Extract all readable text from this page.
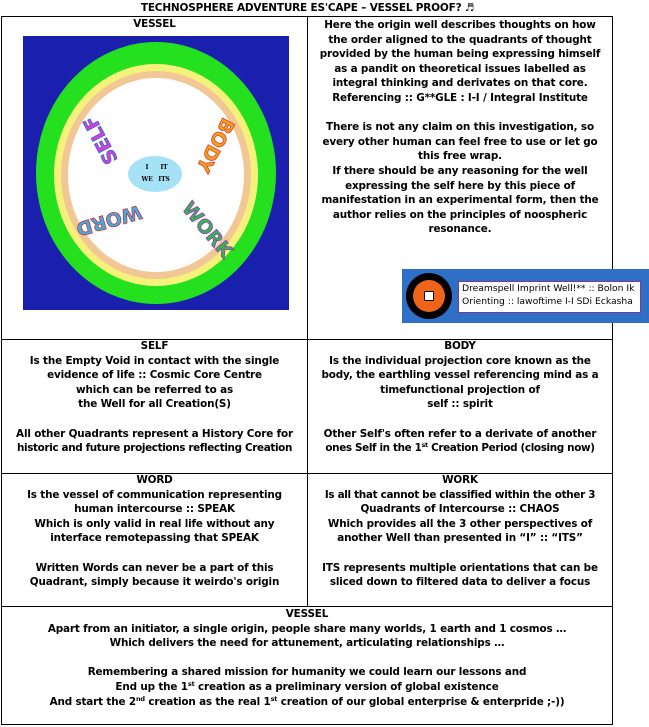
TECHNOSPHERE ADVENTURE ES'CAPE – VESSEL PROOF? ♬
VESSEL
I IT
WE ITS
SELF	BODY
WORD WORK
Here the origin well describes thoughts on how
the order aligned to the quadrants of thought
provided by the human being expressing himself
as a pandit on theoretical issues labelled as
integral thinking and derivates on that core.
Referencing :: G**GLE : I-I / Integral Institute
There is not any claim on this investigation, so
every other human can feel free to use or let go
this free wrap.
If there should be any reasoning for the well
expressing the self here by this piece of
manifestation in an experimental form, then the
author relies on the principles of noospheric
resonance.
Dreamspell Imprint Well!** :: Bolon Ik
Orienting :: lawoftime I-I SDi Eckasha
SELF
Is the Empty Void in contact with the single
evidence of life :: Cosmic Core Centre
which can be referred to as
the Well for all Creation(S)
All other Quadrants represent a History Core for
historic and future projections reflecting Creation
BODY
Is the individual projection core known as the
body, the earthling vessel referencing mind as a
timefunctional projection of
self :: spirit
Other Self's often refer to a derivate of another
ones Self in the 1st Creation Period (closing now)
WORD
Is the vessel of communication representing
human intercourse :: SPEAK
Which is only valid in real life without any
interface remotepassing that SPEAK
Written Words can never be a part of this
Quadrant, simply because it weirdo's origin
WORK
Is all that cannot be classified within the other 3
Quadrants of Intercourse :: CHAOS
Which provides all the 3 other perspectives of
another Well than presented in “I” :: “ITS”
ITS represents multiple orientations that can be
sliced down to filtered data to deliver a focus
VESSEL
Apart from an initiator, a single origin, people share many worlds, 1 earth and 1 cosmos …
Which delivers the need for attunement, articulating relationships …
Remembering a shared mission for humanity we could learn our lessons and
End up the 1st creation as a preliminary version of global existence
And start the 2nd creation as the real 1st creation of our global enterprise & enterpride ;-))
